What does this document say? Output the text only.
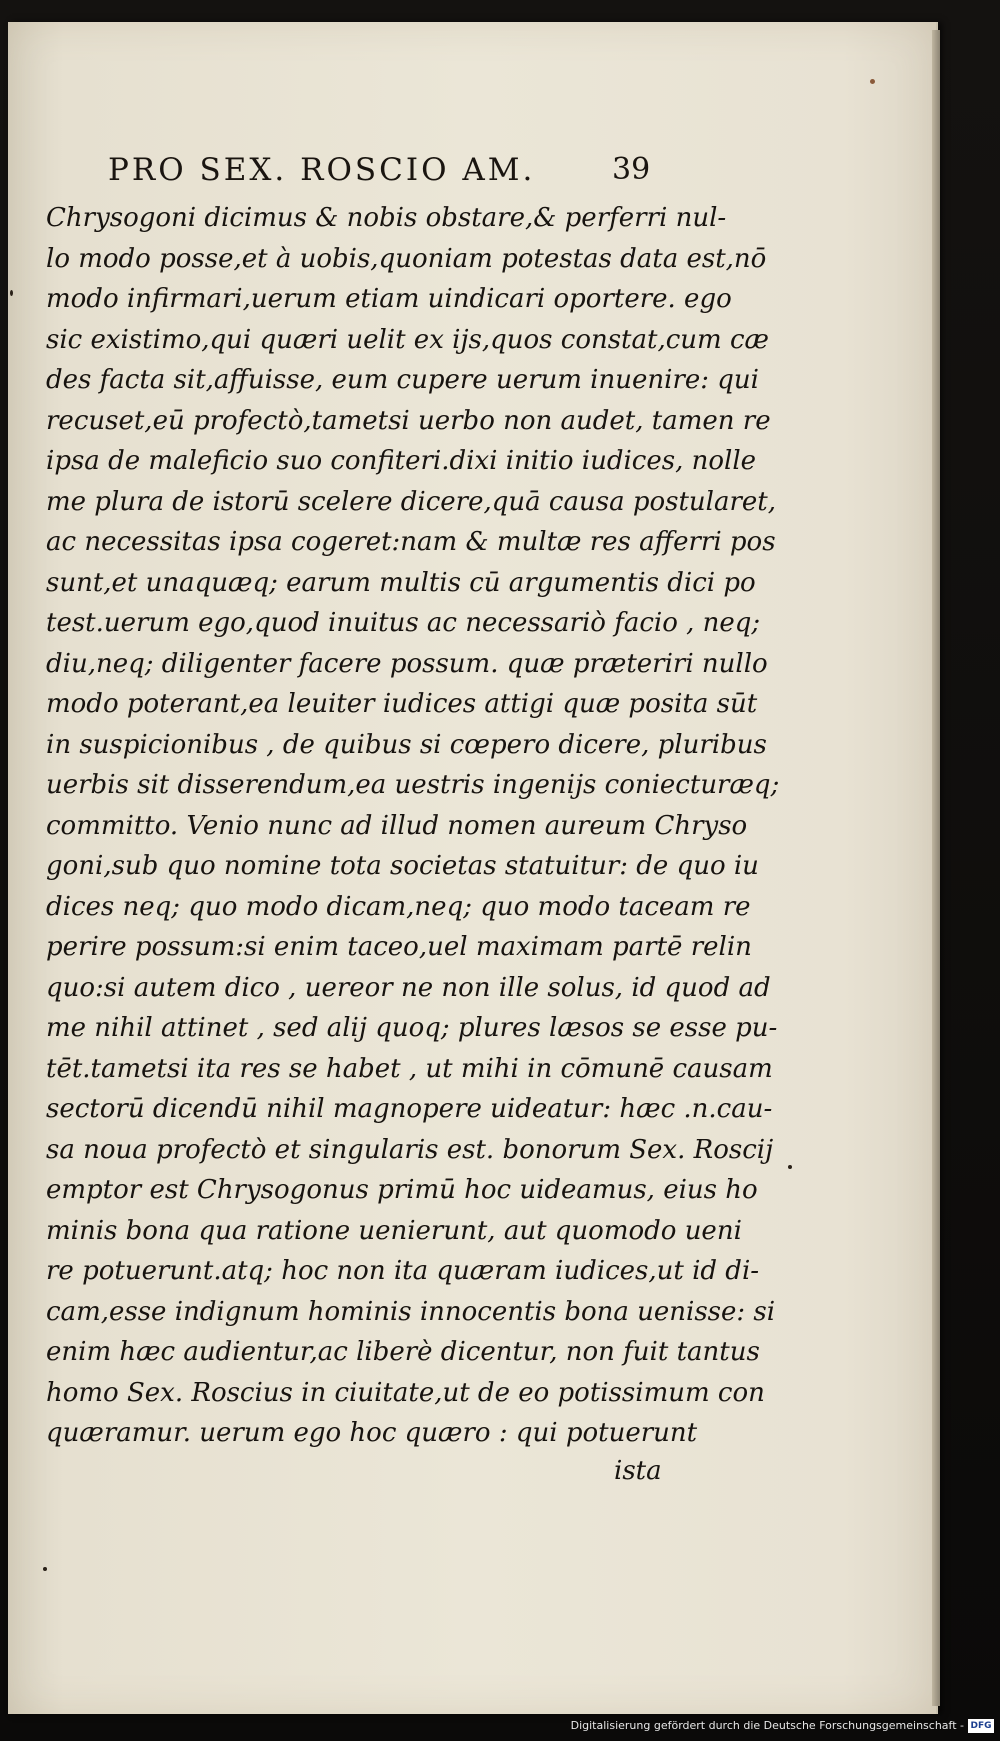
PRO SEX. ROSCIO AM.	39
Chrysogoni dicimus & nobis obstare,& perferri nul-
lo modo posse,et à uobis,quoniam potestas data est,nō
modo infirmari,uerum etiam uindicari oportere. ego
sic existimo,qui quæri uelit ex ijs,quos constat,cum cæ
des facta sit,affuisse, eum cupere uerum inuenire: qui
recuset,eū profectò,tametsi uerbo non audet, tamen re
ipsa de maleficio suo confiteri.dixi initio iudices, nolle
me plura de istorū scelere dicere,quā causa postularet,
ac necessitas ipsa cogeret:nam & multæ res afferri pos
sunt,et unaquæq; earum multis cū argumentis dici po
test.uerum ego,quod inuitus ac necessariò facio , neq;
diu,neq; diligenter facere possum. quæ præteriri nullo
modo poterant,ea leuiter iudices attigi quæ posita sūt
in suspicionibus , de quibus si cœpero dicere, pluribus
uerbis sit disserendum,ea uestris ingenijs coniecturæq;
committo. Venio nunc ad illud nomen aureum Chryso
goni,sub quo nomine tota societas statuitur: de quo iu
dices neq; quo modo dicam,neq; quo modo taceam re
perire possum:si enim taceo,uel maximam partē relin
quo:si autem dico , uereor ne non ille solus, id quod ad
me nihil attinet , sed alij quoq; plures læsos se esse pu-
tēt.tametsi ita res se habet , ut mihi in cōmunē causam
sectorū dicendū nihil magnopere uideatur: hæc .n.cau-
sa noua profectò et singularis est. bonorum Sex. Roscij
emptor est Chrysogonus primū hoc uideamus, eius ho
minis bona qua ratione uenierunt, aut quomodo ueni
re potuerunt.atq; hoc non ita quæram iudices,ut id di-
cam,esse indignum hominis innocentis bona uenisse: si
enim hæc audientur,ac liberè dicentur, non fuit tantus
homo Sex. Roscius in ciuitate,ut de eo potissimum con
quæramur. uerum ego hoc quæro : qui potuerunt
ista
Digitalisierung gefördert durch die Deutsche Forschungsgemeinschaft - DFG
